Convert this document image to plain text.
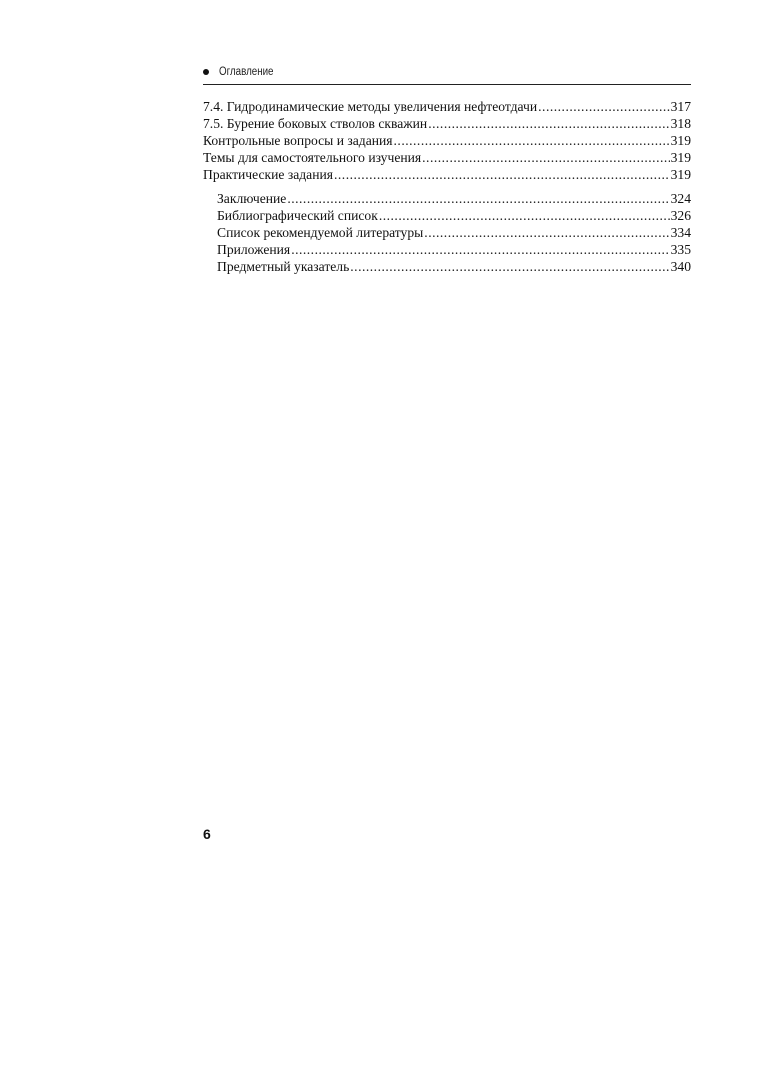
Оглавление
7.4. Гидродинамические методы увеличения нефтеотдачи .....	317
7.5. Бурение боковых стволов скважин .....	318
Контрольные вопросы и задания .....	319
Темы для самостоятельного изучения .....	319
Практические задания .....	319
Заключение .....	324
Библиографический список .....	326
Список рекомендуемой литературы .....	334
Приложения .....	335
Предметный указатель .....	340
6
